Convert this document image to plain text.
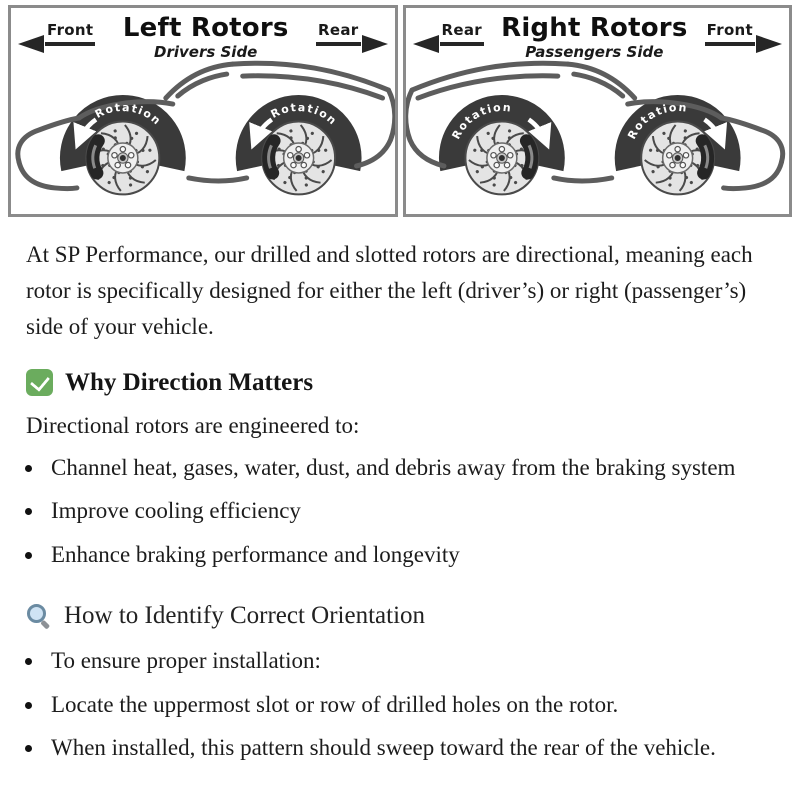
Front	Left Rotors
Drivers Side
Rear
Rotation	Rotation
Rear Right Rotors
Passengers Side
Front
Rotation
Rotation

At SP Performance, our drilled and slotted rotors are directional, meaning each rotor is specifically designed for either the left (driver’s) or right (passenger’s) side of your vehicle.

Why Direction Matters

Directional rotors are engineered to:

• Channel heat, gases, water, dust, and debris away from the braking system
• Improve cooling efficiency
• Enhance braking performance and longevity
How to Identify Correct Orientation
• To ensure proper installation:
• Locate the uppermost slot or row of drilled holes on the rotor.
• When installed, this pattern should sweep toward the rear of the vehicle.
